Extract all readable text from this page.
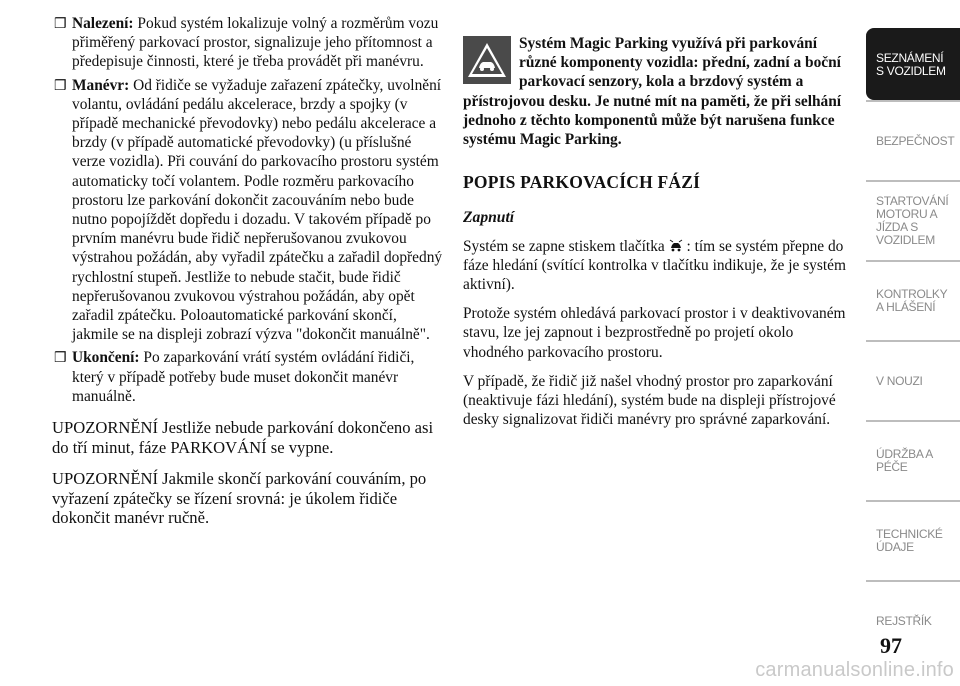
❒ Nalezení: Pokud systém lokalizuje volný a rozměrům vozu přiměřený parkovací prostor, signalizuje jeho přítomnost a předepisuje činnosti, které je třeba provádět při manévru.
❒ Manévr: Od řidiče se vyžaduje zařazení zpátečky, uvolnění volantu, ovládání pedálu akcelerace, brzdy a spojky (v případě mechanické převodovky) nebo pedálu akcelerace a brzdy (v případě automatické převodovky) (u příslušné verze vozidla). Při couvání do parkovacího prostoru systém automaticky točí volantem. Podle rozměru parkovacího prostoru lze parkování dokončit zacouváním nebo bude nutno popojíždět dopředu i dozadu. V takovém případě po prvním manévru bude řidič nepřerušovanou zvukovou výstrahou požádán, aby vyřadil zpátečku a zařadil dopředný rychlostní stupeň. Jestliže to nebude stačit, bude řidič nepřerušovanou zvukovou výstrahou požádán, aby opět zařadil zpátečku. Poloautomatické parkování skončí, jakmile se na displeji zobrazí výzva "dokončit manuálně".
❒ Ukončení: Po zaparkování vrátí systém ovládání řidiči, který v případě potřeby bude muset dokončit manévr manuálně.
UPOZORNĚNÍ Jestliže nebude parkování dokončeno asi do tří minut, fáze PARKOVÁNÍ se vypne.
UPOZORNĚNÍ Jakmile skončí parkování couváním, po vyřazení zpátečky se řízení srovná: je úkolem řidiče dokončit manévr ručně.
Systém Magic Parking využívá při parkování různé komponenty vozidla: přední, zadní a boční parkovací senzory, kola a brzdový systém a přístrojovou desku. Je nutné mít na paměti, že při selhání jednoho z těchto komponentů může být narušena funkce systému Magic Parking.
POPIS PARKOVACÍCH FÁZÍ
Zapnutí
Systém se zapne stiskem tlačítka : tím se systém přepne do fáze hledání (svítící kontrolka v tlačítku indikuje, že je systém aktivní).
Protože systém ohledává parkovací prostor i v deaktivovaném stavu, lze jej zapnout i bezprostředně po projetí okolo vhodného parkovacího prostoru.
V případě, že řidič již našel vhodný prostor pro zaparkování (neaktivuje fázi hledání), systém bude na displeji přístrojové desky signalizovat řidiči manévry pro správné zaparkování.
SEZNÁMENÍ S VOZIDLEM
BEZPEČNOST
STARTOVÁNÍ MOTORU A JÍZDA S VOZIDLEM
KONTROLKY A HLÁŠENÍ
V NOUZI
ÚDRŽBA A PÉČE
TECHNICKÉ ÚDAJE
REJSTŘÍK
97
carmanualsonline.info
